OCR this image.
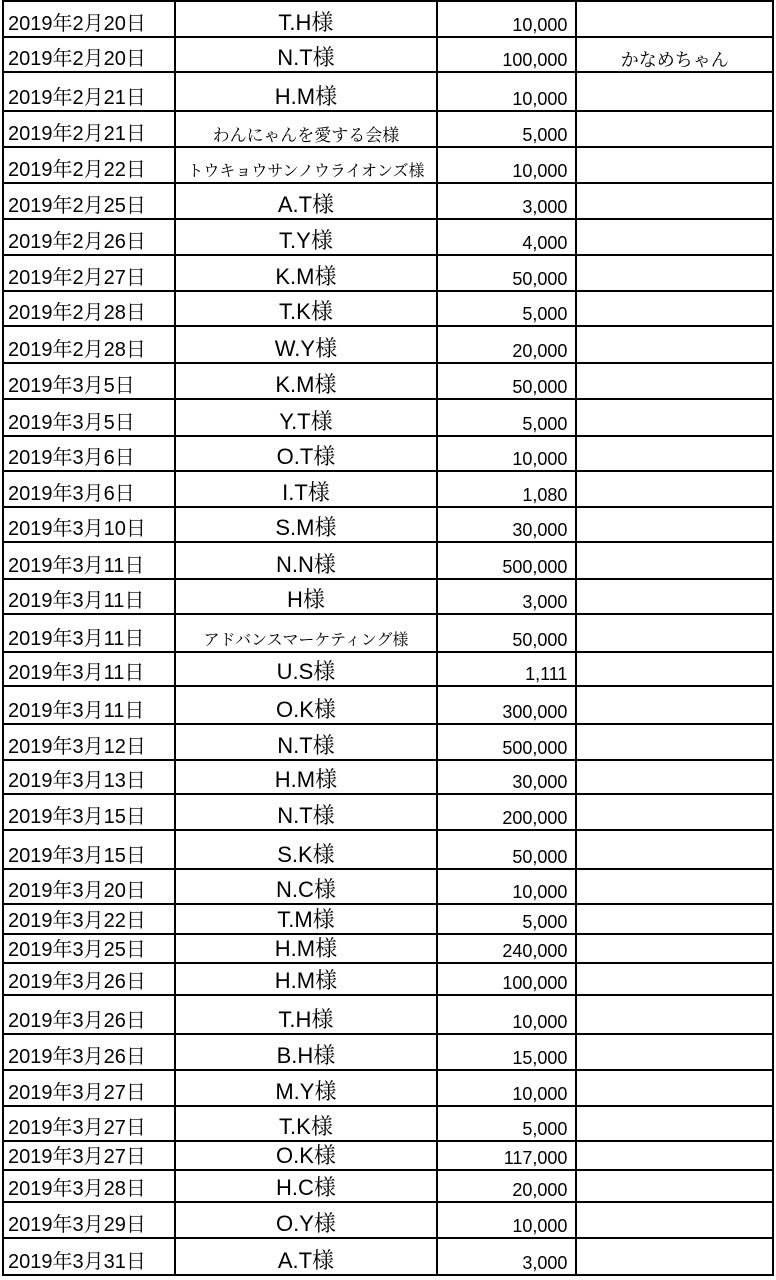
2019年2月20日	T.H様	10,000	
2019年2月20日	N.T様	100,000	かなめちゃん
2019年2月21日	H.M様	10,000	
2019年2月21日	わんにゃんを愛する会様	5,000	
2019年2月22日	トウキョウサンノウライオンズ様	10,000	
2019年2月25日	A.T様	3,000	
2019年2月26日	T.Y様	4,000	
2019年2月27日	K.M様	50,000	
2019年2月28日	T.K様	5,000	
2019年2月28日	W.Y様	20,000	
2019年3月5日	K.M様	50,000	
2019年3月5日	Y.T様	5,000	
2019年3月6日	O.T様	10,000	
2019年3月6日	I.T様	1,080	
2019年3月10日	S.M様	30,000	
2019年3月11日	N.N様	500,000	
2019年3月11日	H様	3,000	
2019年3月11日	アドバンスマーケティング様	50,000	
2019年3月11日	U.S様	1,111	
2019年3月11日	O.K様	300,000	
2019年3月12日	N.T様	500,000	
2019年3月13日	H.M様	30,000	
2019年3月15日	N.T様	200,000	
2019年3月15日	S.K様	50,000	
2019年3月20日	N.C様	10,000	
2019年3月22日	T.M様	5,000	
2019年3月25日	H.M様	240,000	
2019年3月26日	H.M様	100,000	
2019年3月26日	T.H様	10,000	
2019年3月26日	B.H様	15,000	
2019年3月27日	M.Y様	10,000	
2019年3月27日	T.K様	5,000	
2019年3月27日	O.K様	117,000	
2019年3月28日	H.C様	20,000	
2019年3月29日	O.Y様	10,000	
2019年3月31日	A.T様	3,000	
